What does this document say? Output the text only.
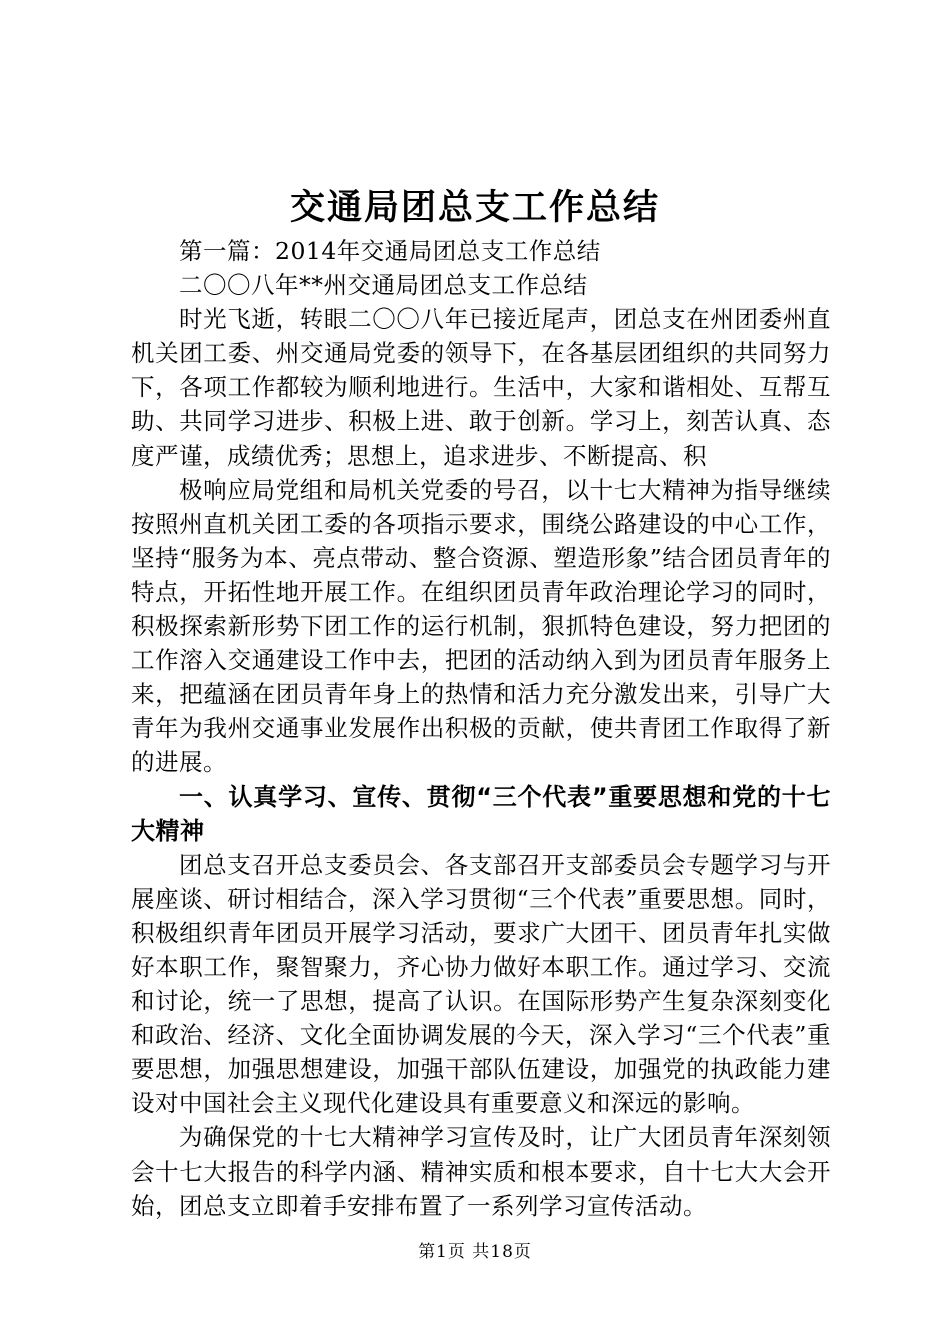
交通局团总支工作总结

第一篇：2014年交通局团总支工作总结

二〇〇八年**州交通局团总支工作总结

时光飞逝，转眼二〇〇八年已接近尾声，团总支在州团委州直机关团工委、州交通局党委的领导下，在各基层团组织的共同努力下，各项工作都较为顺利地进行。生活中，大家和谐相处、互帮互助、共同学习进步、积极上进、敢于创新。学习上，刻苦认真、态度严谨，成绩优秀；思想上，追求进步、不断提高、积

极响应局党组和局机关党委的号召，以十七大精神为指导继续按照州直机关团工委的各项指示要求，围绕公路建设的中心工作，坚持“服务为本、亮点带动、整合资源、塑造形象”结合团员青年的特点，开拓性地开展工作。在组织团员青年政治理论学习的同时，积极探索新形势下团工作的运行机制，狠抓特色建设，努力把团的工作溶入交通建设工作中去，把团的活动纳入到为团员青年服务上来，把蕴涵在团员青年身上的热情和活力充分激发出来，引导广大青年为我州交通事业发展作出积极的贡献，使共青团工作取得了新的进展。

一、认真学习、宣传、贯彻“三个代表”重要思想和党的十七大精神

团总支召开总支委员会、各支部召开支部委员会专题学习与开展座谈、研讨相结合，深入学习贯彻“三个代表”重要思想。同时，积极组织青年团员开展学习活动，要求广大团干、团员青年扎实做好本职工作，聚智聚力，齐心协力做好本职工作。通过学习、交流和讨论，统一了思想，提高了认识。在国际形势产生复杂深刻变化和政治、经济、文化全面协调发展的今天，深入学习“三个代表”重要思想，加强思想建设，加强干部队伍建设，加强党的执政能力建设对中国社会主义现代化建设具有重要意义和深远的影响。

为确保党的十七大精神学习宣传及时，让广大团员青年深刻领会十七大报告的科学内涵、精神实质和根本要求，自十七大大会开始，团总支立即着手安排布置了一系列学习宣传活动。

第1页 共18页
